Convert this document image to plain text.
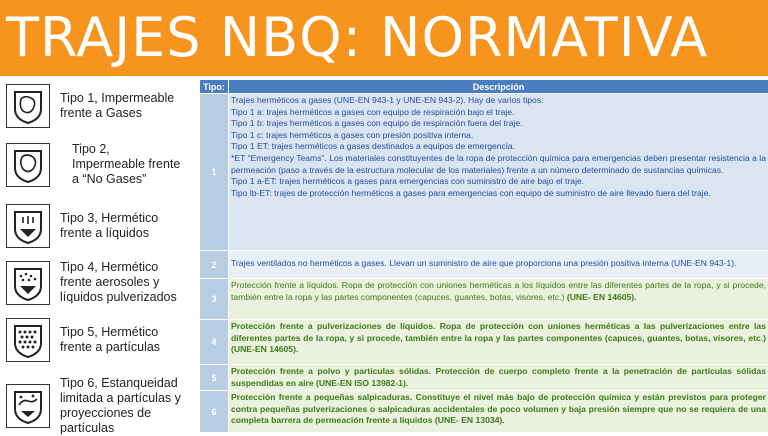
TRAJES NBQ: NORMATIVA
Tipo 1, Impermeable frente a Gases
Tipo 2, Impermeable frente a “No Gases”
Tipo 3, Hermético frente a líquidos
Tipo 4, Hermético frente aerosoles y líquidos pulverizados
Tipo 5, Hermético frente a partículas
Tipo 6, Estanqueidad limitada a partículas y proyecciones de partículas
Tipo:	Descripción
1
Trajes herméticos a gases (UNE-EN 943-1 y UNE-EN 943-2). Hay de varios tipos:
Tipo 1 a: trajes herméticos a gases con equipo de respiración bajo el traje.
Tipo 1 b: trajes herméticos a gases con equipo de respiración fuera del traje.
Tipo 1 c: trajes herméticos a gases con presión positiva interna.
Tipo 1 ET: trajes herméticos a gases destinados a equipos de emergencia.
*ET “Emergency Teams”. Los materiales constituyentes de la ropa de protección química para emergencias deben presentar resistencia a la permeación (paso a través de la estructura molecular de los materiales) frente a un número determinado de sustancias químicas.
Tipo 1 a-ET: trajes herméticos a gases para emergencias con suministro de aire bajo el traje.
Tipo lb-ET: trajes de protección herméticos a gases para emergencias con equipo de suministro de aire llevado fuera del traje.
2	Trajes ventilados no herméticos a gases. Llevan un suministro de aire que proporciona una presión positiva interna (UNE-EN 943-1).
3
Protección frente a líquidos. Ropa de protección con uniones herméticas a los líquidos entre las diferentes partes de la ropa, y si procede, también entre la ropa y las partes componentes (capuces, guantes, botas, visores, etc.) (UNE- EN 14605).
4
Protección frente a pulverizaciones de líquidos. Ropa de protección con uniones herméticas a las pulverizaciones entre las diferentes partes de la ropa, y si procede, también entre la ropa y las partes componentes (capuces, guantes, botas, visores, etc.) (UNE-EN 14605).
5
Protección frente a polvo y partículas sólidas. Protección de cuerpo completo frente a la penetración de partículas sólidas suspendidas en aire (UNE-EN ISO 13982-1).
6
Protección frente a pequeñas salpicaduras. Constituye el nivel más bajo de protección química y están previstos para proteger contra pequeñas pulverizaciones o salpicaduras accidentales de poco volumen y baja presión siempre que no se requiera de una completa barrera de permeación frente a líquidos (UNE- EN 13034).
